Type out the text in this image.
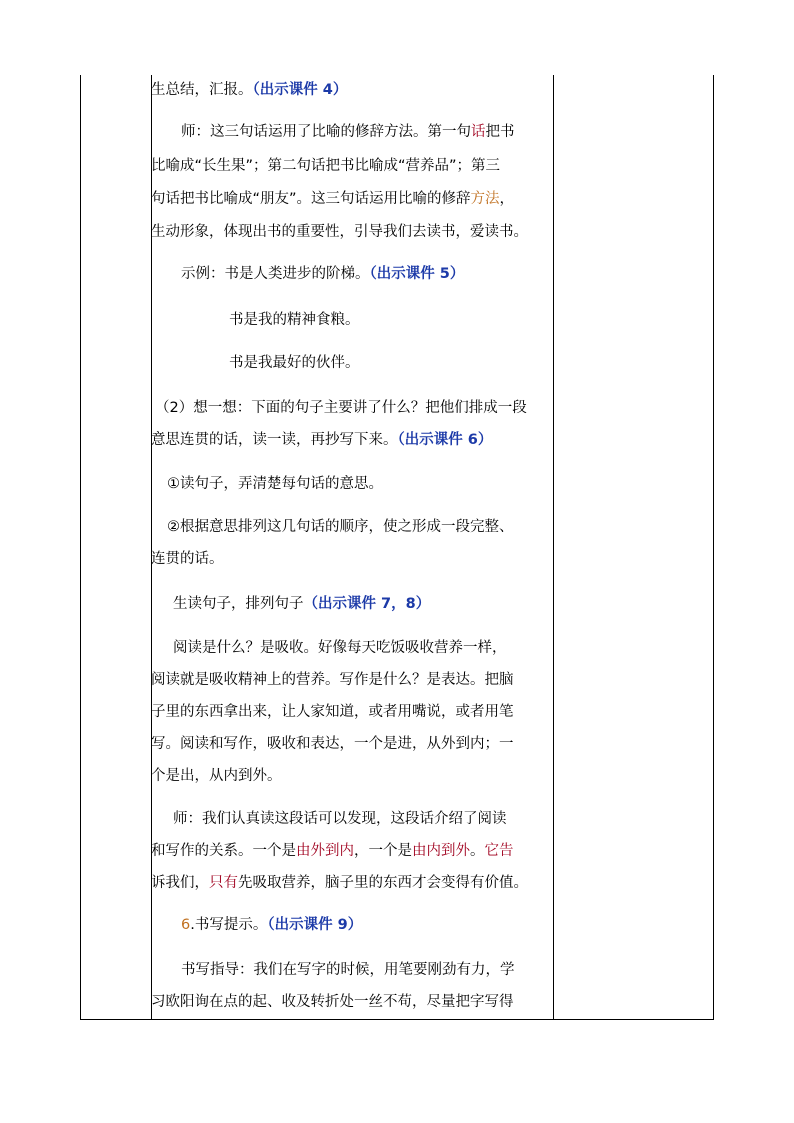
生总结，汇报。（出示课件 4）
师：这三句话运用了比喻的修辞方法。第一句话把书
比喻成“长生果”；第二句话把书比喻成“营养品”；第三
句话把书比喻成“朋友”。这三句话运用比喻的修辞方法，
生动形象，体现出书的重要性，引导我们去读书，爱读书。
示例：书是人类进步的阶梯。（出示课件 5）
书是我的精神食粮。
书是我最好的伙伴。
（2）想一想：下面的句子主要讲了什么？把他们排成一段
意思连贯的话，读一读，再抄写下来。（出示课件 6）
①读句子，弄清楚每句话的意思。
②根据意思排列这几句话的顺序，使之形成一段完整、
连贯的话。
生读句子，排列句子（出示课件 7，8）
阅读是什么？是吸收。好像每天吃饭吸收营养一样，
阅读就是吸收精神上的营养。写作是什么？是表达。把脑
子里的东西拿出来，让人家知道，或者用嘴说，或者用笔
写。阅读和写作，吸收和表达，一个是进，从外到内；一
个是出，从内到外。
师：我们认真读这段话可以发现，这段话介绍了阅读
和写作的关系。一个是由外到内，一个是由内到外。它告
诉我们，只有先吸取营养，脑子里的东西才会变得有价值。
6.书写提示。（出示课件 9）
书写指导：我们在写字的时候，用笔要刚劲有力，学
习欧阳询在点的起、收及转折处一丝不苟，尽量把字写得
